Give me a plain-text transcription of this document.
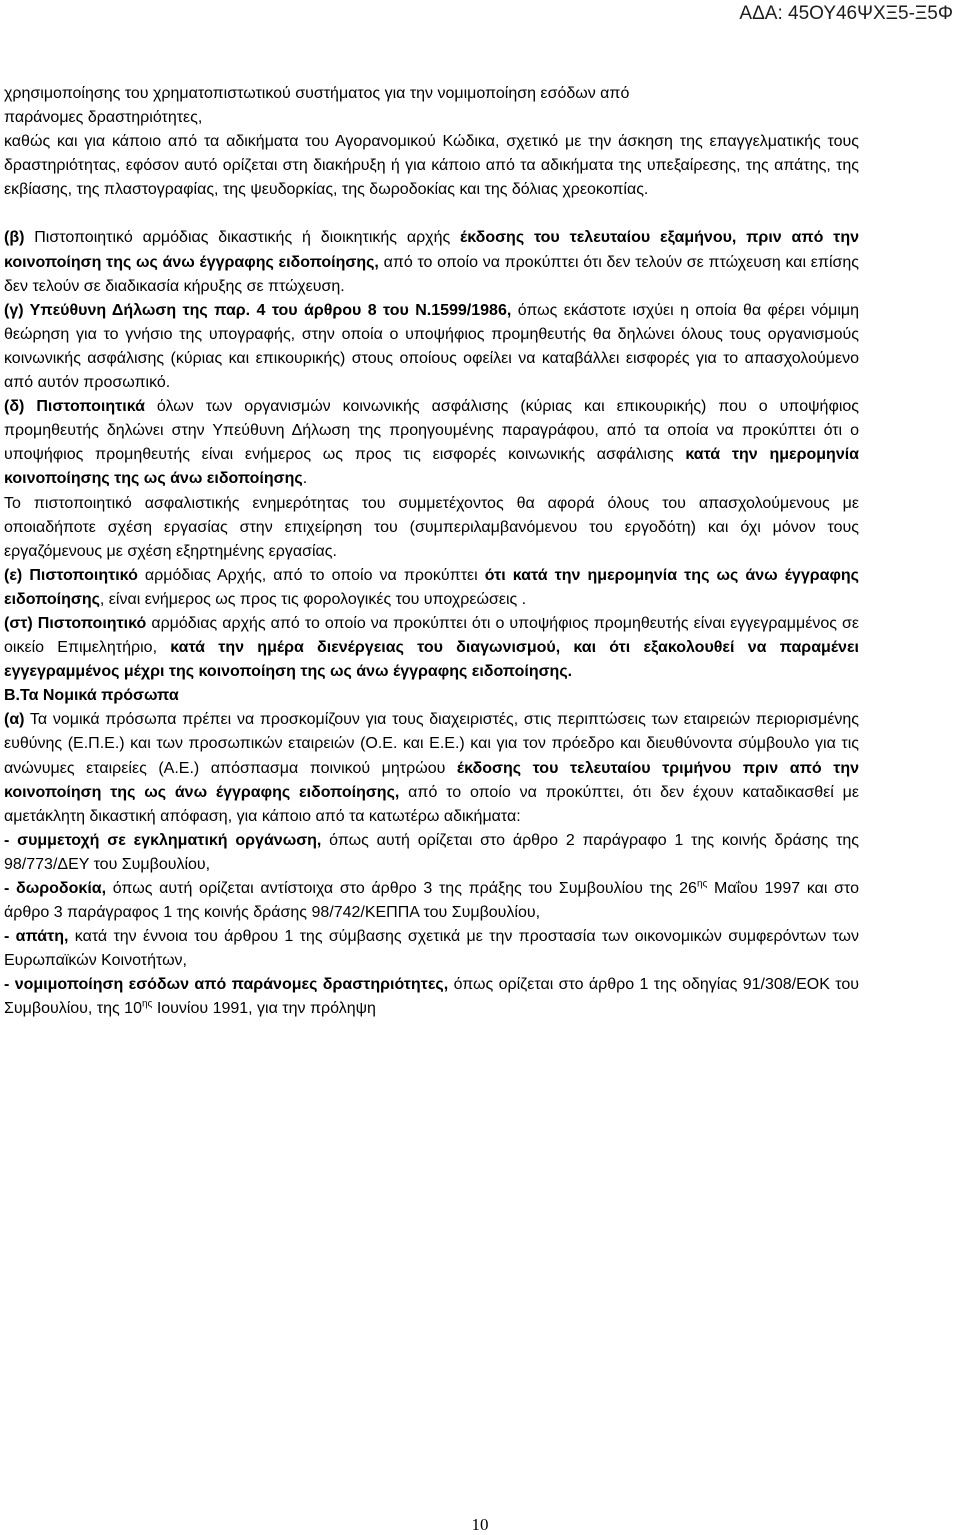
ΑΔΑ: 45ΟΥ46ΨΧΞ5-Ξ5Φ

χρησιμοποίησης του χρηματοπιστωτικού συστήματος για την νομιμοποίηση εσόδων από

παράνομες δραστηριότητες,

καθώς και για κάποιο από τα αδικήματα του Αγορανομικού Κώδικα, σχετικό με την άσκηση της επαγγελματικής τους δραστηριότητας, εφόσον αυτό ορίζεται στη διακήρυξη ή για κάποιο από τα αδικήματα της υπεξαίρεσης, της απάτης, της εκβίασης, της πλαστογραφίας, της ψευδορκίας, της δωροδοκίας και της δόλιας χρεοκοπίας.

(β) Πιστοποιητικό αρμόδιας δικαστικής ή διοικητικής αρχής έκδοσης του τελευταίου εξαμήνου, πριν από την κοινοποίηση της ως άνω έγγραφης ειδοποίησης, από το οποίο να προκύπτει ότι δεν τελούν σε πτώχευση και επίσης δεν τελούν σε διαδικασία κήρυξης σε πτώχευση.

(γ) Υπεύθυνη Δήλωση της παρ. 4 του άρθρου 8 του Ν.1599/1986, όπως εκάστοτε ισχύει η οποία θα φέρει νόμιμη θεώρηση για το γνήσιο της υπογραφής, στην οποία ο υποψήφιος προμηθευτής θα δηλώνει όλους τους οργανισμούς κοινωνικής ασφάλισης (κύριας και επικουρικής) στους οποίους οφείλει να καταβάλλει εισφορές για το απασχολούμενο από αυτόν προσωπικό.

(δ) Πιστοποιητικά όλων των οργανισμών κοινωνικής ασφάλισης (κύριας και επικουρικής) που ο υποψήφιος προμηθευτής δηλώνει στην Υπεύθυνη Δήλωση της προηγουμένης παραγράφου, από τα οποία να προκύπτει ότι ο υποψήφιος προμηθευτής είναι ενήμερος ως προς τις εισφορές κοινωνικής ασφάλισης κατά την ημερομηνία κοινοποίησης της ως άνω ειδοποίησης.

Το πιστοποιητικό ασφαλιστικής ενημερότητας του συμμετέχοντος θα αφορά όλους του απασχολούμενους με οποιαδήποτε σχέση εργασίας στην επιχείρηση του (συμπεριλαμβανόμενου του εργοδότη) και όχι μόνον τους εργαζόμενους με σχέση εξηρτημένης εργασίας.

(ε) Πιστοποιητικό αρμόδιας Αρχής, από το οποίο να προκύπτει ότι κατά την ημερομηνία της ως άνω έγγραφης ειδοποίησης, είναι ενήμερος ως προς τις φορολογικές του υποχρεώσεις .

(στ) Πιστοποιητικό αρμόδιας αρχής από το οποίο να προκύπτει ότι ο υποψήφιος προμηθευτής είναι εγγεγραμμένος σε οικείο Επιμελητήριο, κατά την ημέρα διενέργειας του διαγωνισμού, και ότι εξακολουθεί να παραμένει εγγεγραμμένος μέχρι της κοινοποίηση της ως άνω έγγραφης ειδοποίησης.

Β.Τα Νομικά πρόσωπα

(α) Τα νομικά πρόσωπα πρέπει να προσκομίζουν για τους διαχειριστές, στις περιπτώσεις των εταιρειών περιορισμένης ευθύνης (Ε.Π.Ε.) και των προσωπικών εταιρειών (Ο.Ε. και Ε.Ε.) και για τον πρόεδρο και διευθύνοντα σύμβουλο για τις ανώνυμες εταιρείες (Α.Ε.) απόσπασμα ποινικού μητρώου έκδοσης του τελευταίου τριμήνου πριν από την κοινοποίηση της ως άνω έγγραφης ειδοποίησης, από το οποίο να προκύπτει, ότι δεν έχουν καταδικασθεί με αμετάκλητη δικαστική απόφαση, για κάποιο από τα κατωτέρω αδικήματα:

- συμμετοχή σε εγκληματική οργάνωση, όπως αυτή ορίζεται στο άρθρο 2 παράγραφο 1 της κοινής δράσης της 98/773/ΔΕΥ του Συμβουλίου,

- δωροδοκία, όπως αυτή ορίζεται αντίστοιχα στο άρθρο 3 της πράξης του Συμβουλίου της $26^{\eta\varsigma}$ Μαΐου 1997 και στο άρθρο 3 παράγραφος 1 της κοινής δράσης 98/742/ΚΕΠΠΑ του Συμβουλίου,

- απάτη, κατά την έννοια του άρθρου 1 της σύμβασης σχετικά με την προστασία των οικονομικών συμφερόντων των Ευρωπαϊκών Κοινοτήτων,

- νομιμοποίηση εσόδων από παράνομες δραστηριότητες, όπως ορίζεται στο άρθρο 1 της οδηγίας 91/308/ΕΟΚ του Συμβουλίου, της $10^{\eta\varsigma}$ Ιουνίου 1991, για την πρόληψη

10
